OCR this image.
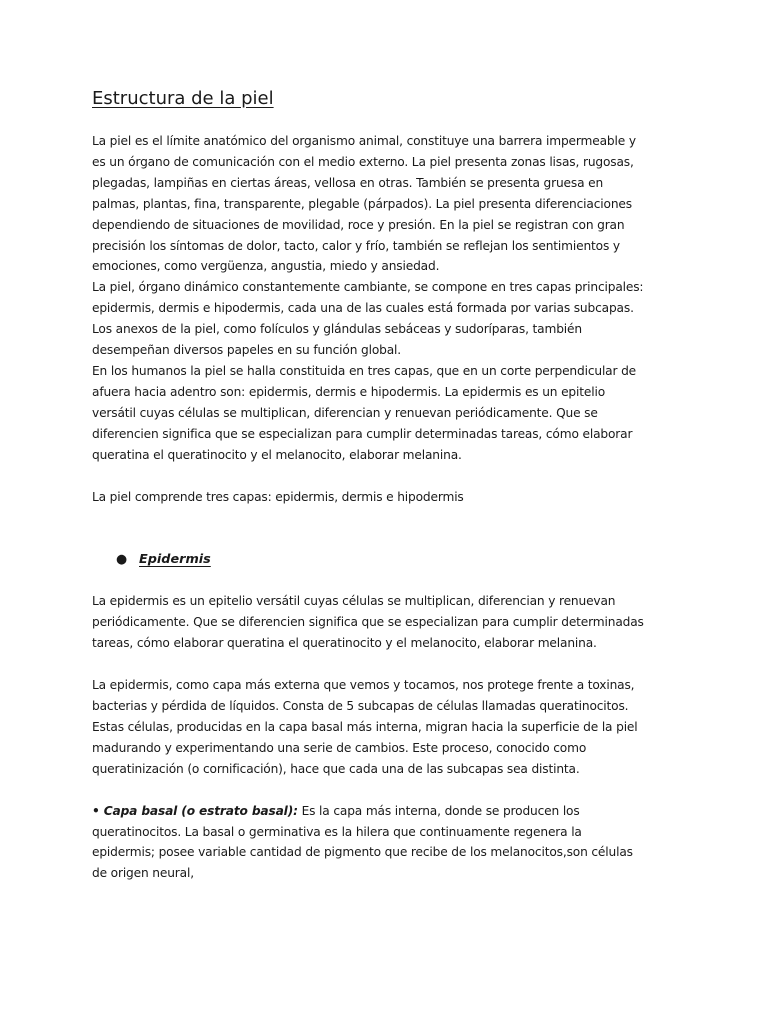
Estructura de la piel

La piel es el límite anatómico del organismo animal, constituye una barrera impermeable y

es un órgano de comunicación con el medio externo. La piel presenta zonas lisas, rugosas,

plegadas, lampiñas en ciertas áreas, vellosa en otras. También se presenta gruesa en

palmas, plantas, fina, transparente, plegable (párpados). La piel presenta diferenciaciones

dependiendo de situaciones de movilidad, roce y presión. En la piel se registran con gran

precisión los síntomas de dolor, tacto, calor y frío, también se reflejan los sentimientos y

emociones, como vergüenza, angustia, miedo y ansiedad.

La piel, órgano dinámico constantemente cambiante, se compone en tres capas principales:

epidermis, dermis e hipodermis, cada una de las cuales está formada por varias subcapas.

Los anexos de la piel, como folículos y glándulas sebáceas y sudoríparas, también

desempeñan diversos papeles en su función global.

En los humanos la piel se halla constituida en tres capas, que en un corte perpendicular de

afuera hacia adentro son: epidermis, dermis e hipodermis. La epidermis es un epitelio

versátil cuyas células se multiplican, diferencian y renuevan periódicamente. Que se

diferencien significa que se especializan para cumplir determinadas tareas, cómo elaborar

queratina el queratinocito y el melanocito, elaborar melanina.

La piel comprende tres capas: epidermis, dermis e hipodermis

● Epidermis

La epidermis es un epitelio versátil cuyas células se multiplican, diferencian y renuevan

periódicamente. Que se diferencien significa que se especializan para cumplir determinadas

tareas, cómo elaborar queratina el queratinocito y el melanocito, elaborar melanina.

La epidermis, como capa más externa que vemos y tocamos, nos protege frente a toxinas,

bacterias y pérdida de líquidos. Consta de 5 subcapas de células llamadas queratinocitos.

Estas células, producidas en la capa basal más interna, migran hacia la superficie de la piel

madurando y experimentando una serie de cambios. Este proceso, conocido como

queratinización (o cornificación), hace que cada una de las subcapas sea distinta.

• Capa basal (o estrato basal): Es la capa más interna, donde se producen los

queratinocitos. La basal o germinativa es la hilera que continuamente regenera la

epidermis; posee variable cantidad de pigmento que recibe de los melanocitos,son células

de origen neural,
